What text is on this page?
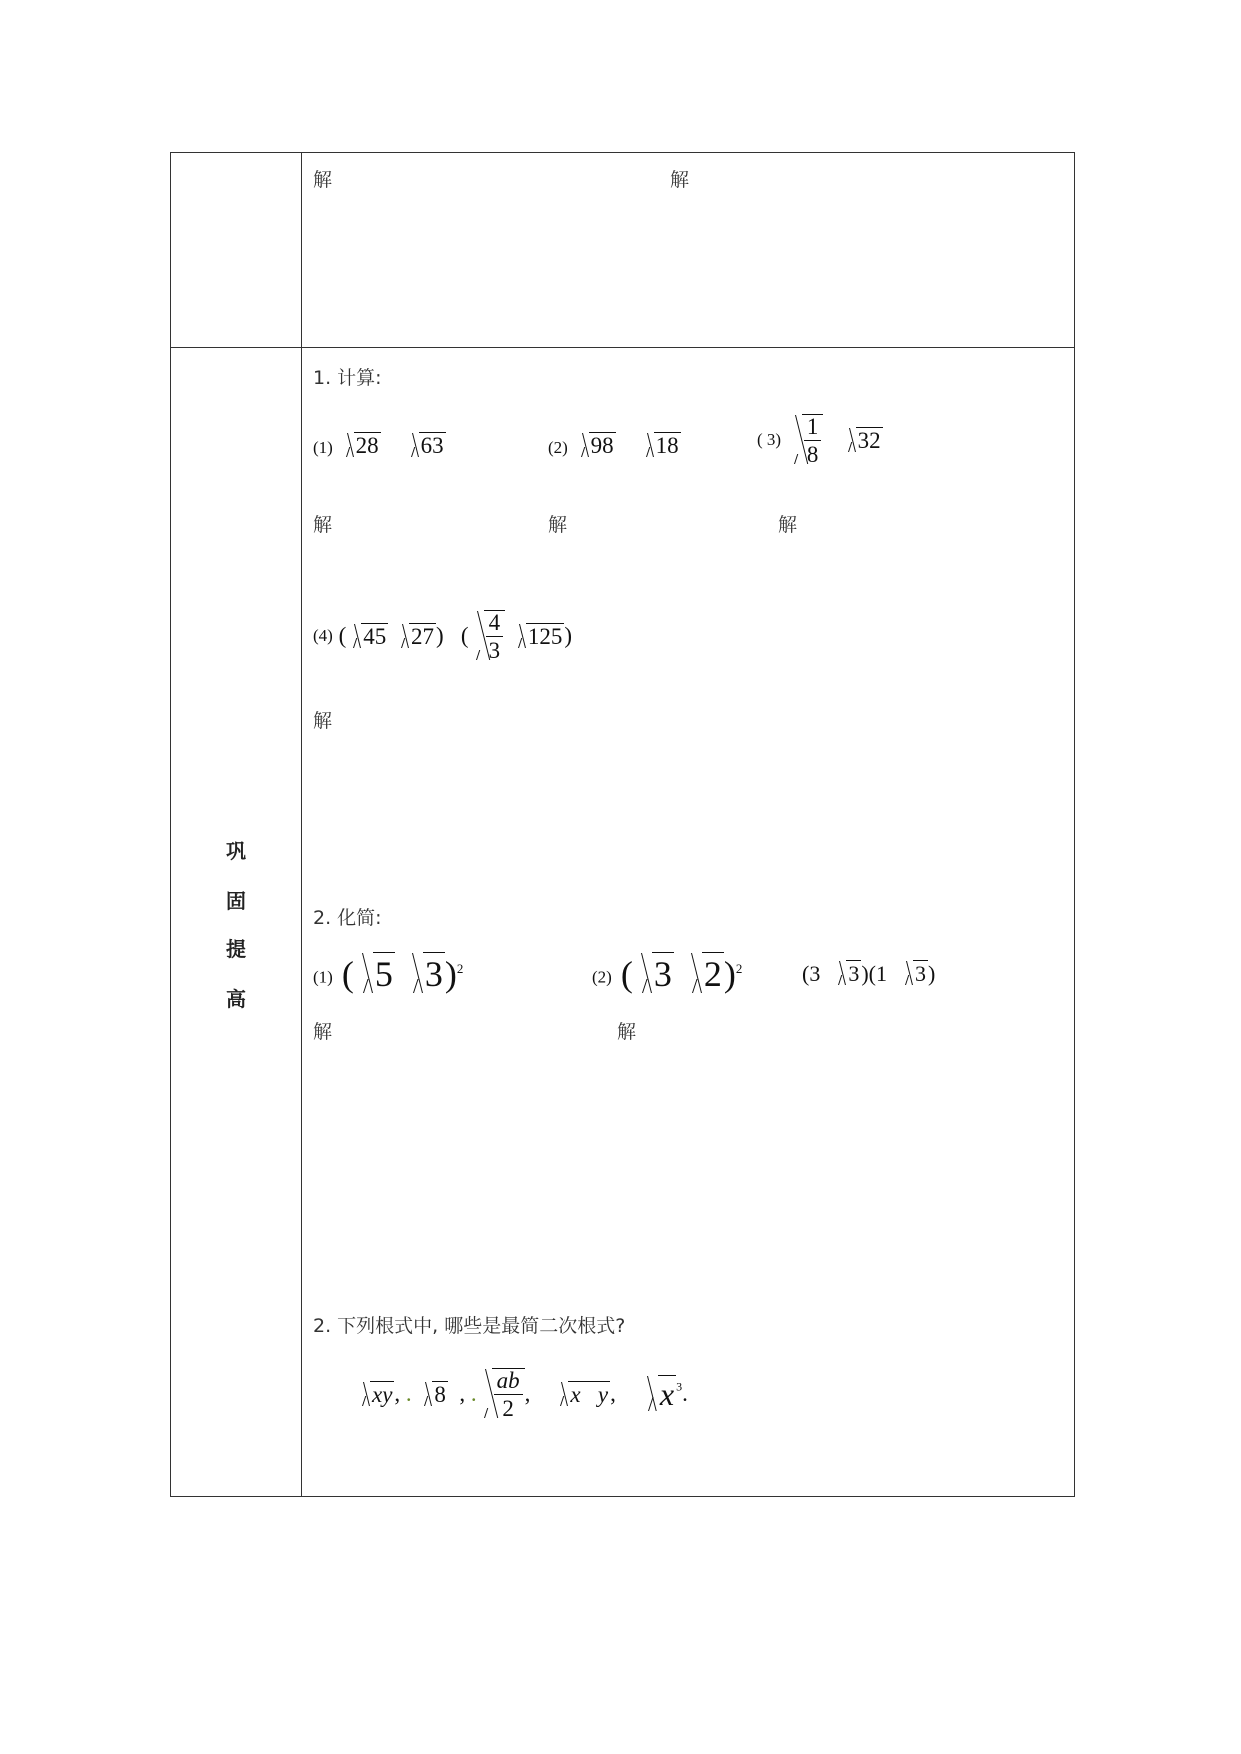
解	解
巩
固
提
高
1. 计算:
(1) 28 63	(2) 98 18	( $3) \frac{1}{8} 32$
解	解	解
(4) ( 45 27) ( $\frac{4}{3} 125$)
解
2. 化简:
(1) ( 5 3)$^2$	(2) ( 3 2)$^2$	(3 3)(1 3)
解	解
2. 下列根式中, 哪些是最简二次根式?
xy, . 8  , . $\frac{ab}{2}$ , x y, x $^3$.
